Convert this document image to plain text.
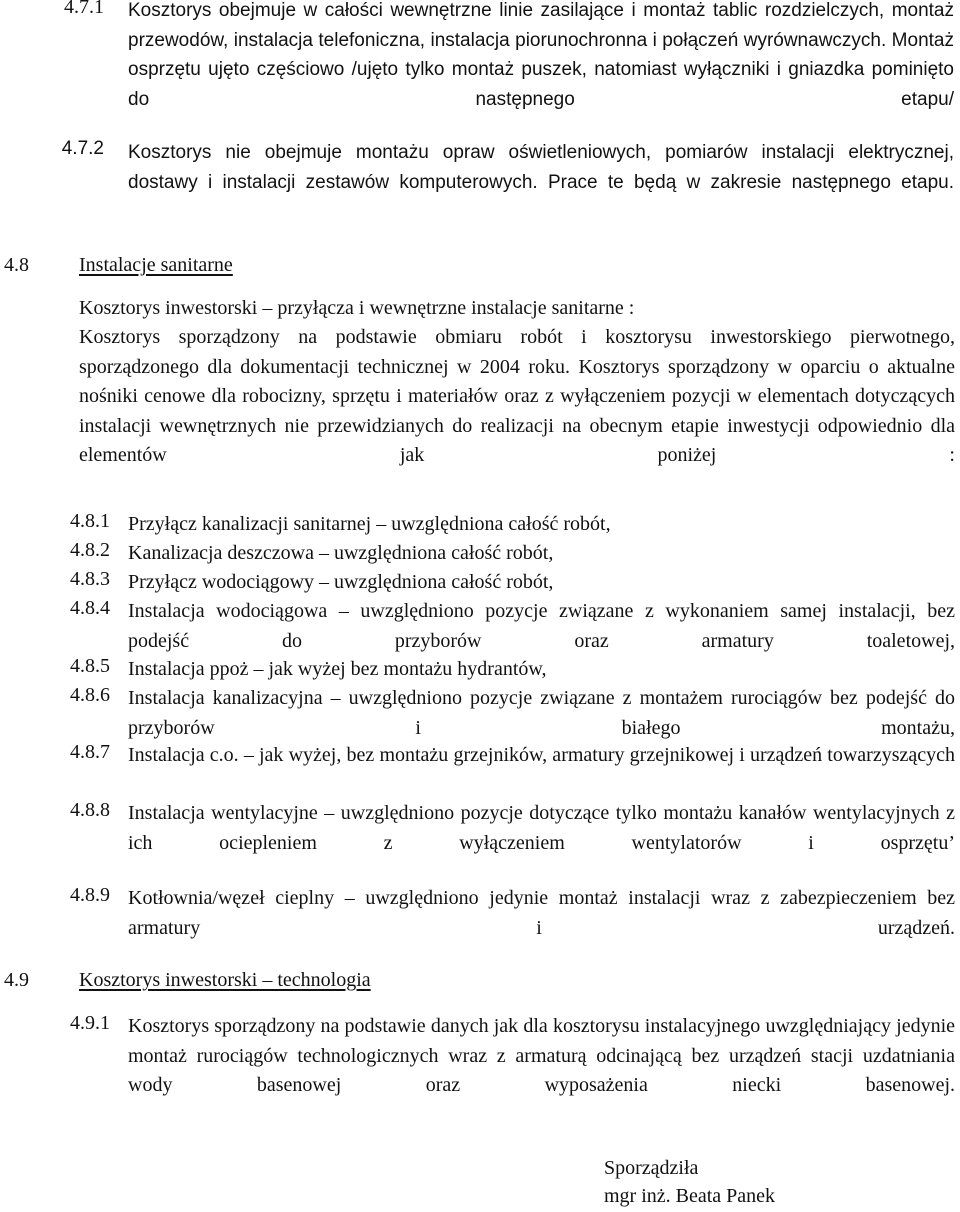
4.7.1 Kosztorys obejmuje w całości wewnętrzne linie zasilające i montaż tablic rozdzielczych, montaż przewodów, instalacja telefoniczna, instalacja piorunochronna i połączeń wyrównawczych. Montaż osprzętu ujęto częściowo /ujęto tylko montaż puszek, natomiast wyłączniki i gniazdka pominięto do następnego etapu/
4.7.2 Kosztorys nie obejmuje montażu opraw oświetleniowych, pomiarów instalacji elektrycznej, dostawy i instalacji zestawów komputerowych. Prace te będą w zakresie następnego etapu.
4.8	Instalacje sanitarne
Kosztorys inwestorski – przyłącza i wewnętrzne instalacje sanitarne :
Kosztorys sporządzony na podstawie obmiaru robót i kosztorysu inwestorskiego pierwotnego, sporządzonego dla dokumentacji technicznej w 2004 roku. Kosztorys sporządzony w oparciu o aktualne nośniki cenowe dla robocizny, sprzętu i materiałów oraz z wyłączeniem pozycji w elementach dotyczących instalacji wewnętrznych nie przewidzianych do realizacji na obecnym etapie inwestycji odpowiednio dla elementów jak poniżej :
4.8.1 Przyłącz kanalizacji sanitarnej – uwzględniona całość robót,
4.8.2 Kanalizacja deszczowa – uwzględniona całość robót,
4.8.3 Przyłącz wodociągowy – uwzględniona całość robót,
4.8.4 Instalacja wodociągowa – uwzględniono pozycje związane z wykonaniem samej instalacji, bez podejść do przyborów oraz armatury toaletowej,
4.8.5 Instalacja ppoż – jak wyżej bez montażu hydrantów,
4.8.6 Instalacja kanalizacyjna – uwzględniono pozycje związane z montażem rurociągów bez podejść do przyborów i białego montażu,
4.8.7 Instalacja c.o. – jak wyżej, bez montażu grzejników, armatury grzejnikowej i urządzeń towarzyszących
4.8.8 Instalacja wentylacyjne – uwzględniono pozycje dotyczące tylko montażu kanałów wentylacyjnych z ich ociepleniem z wyłączeniem wentylatorów i osprzętu’
4.8.9 Kotłownia/węzeł cieplny – uwzględniono jedynie montaż instalacji wraz z zabezpieczeniem bez armatury i urządzeń.
4.9	Kosztorys inwestorski – technologia
4.9.1 Kosztorys sporządzony na podstawie danych jak dla kosztorysu instalacyjnego uwzględniający jedynie montaż rurociągów technologicznych wraz z armaturą odcinającą bez urządzeń stacji uzdatniania wody basenowej oraz wyposażenia niecki basenowej.
Sporządziła
mgr inż. Beata Panek
